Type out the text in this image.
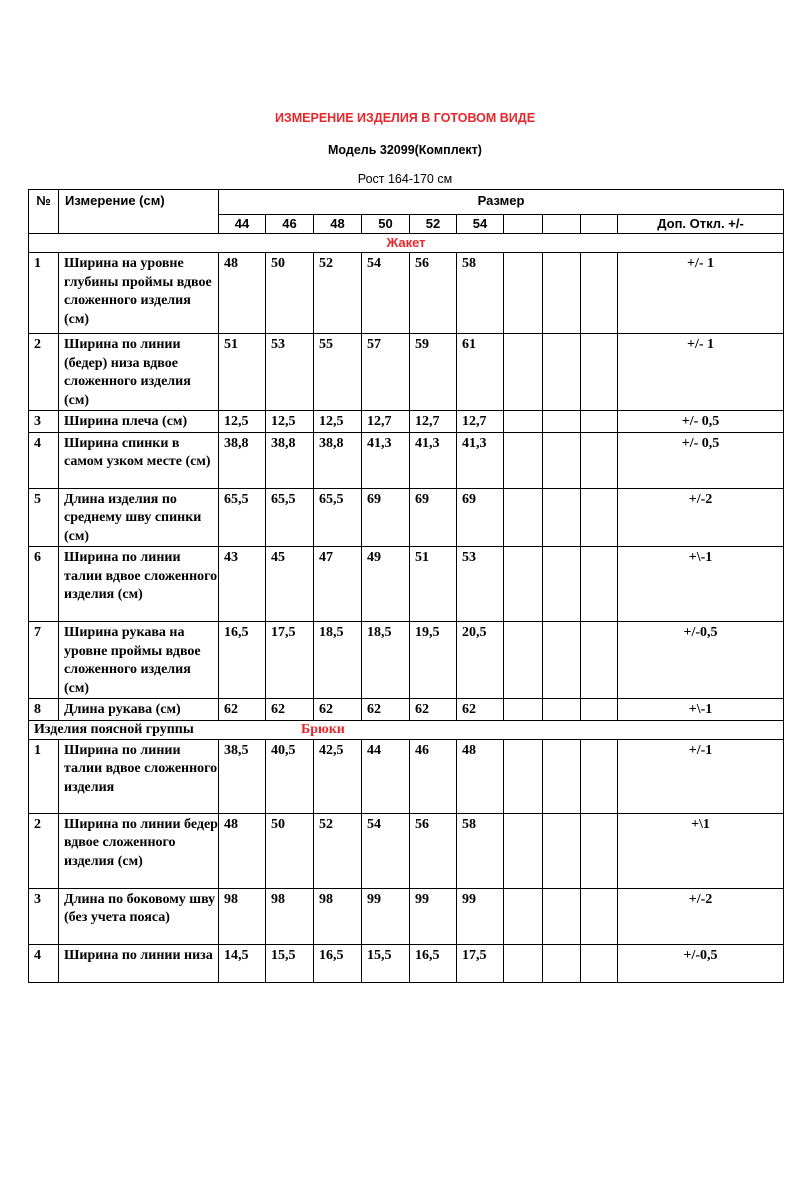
ИЗМЕРЕНИЕ ИЗДЕЛИЯ В ГОТОВОМ ВИДЕ
Модель 32099(Комплект)
Рост 164-170 см
№	Измерение (см)	Размер									
		44	46	48	50	52	54				Доп. Откл. +/-
Жакет											
1	Ширина на уровне глубины проймы вдвое сложенного изделия (см)	48	50	52	54	56	58				+/- 1
2	Ширина по линии (бедер) низа вдвое сложенного изделия (см)	51	53	55	57	59	61				+/- 1
3	Ширина плеча (см)	12,5	12,5	12,5	12,7	12,7	12,7				+/- 0,5
4	Ширина спинки в самом узком месте (см)	38,8	38,8	38,8	41,3	41,3	41,3				+/- 0,5
5	Длина изделия по среднему шву спинки (см)	65,5	65,5	65,5	69	69	69				+/-2
6	Ширина по линии талии вдвое сложенного изделия (см)	43	45	47	49	51	53				+\-1
7	Ширина рукава на уровне проймы вдвое сложенного изделия (см)	16,5	17,5	18,5	18,5	19,5	20,5				+/-0,5
8	Длина рукава (см)	62	62	62	62	62	62				+\-1
Изделия поясной группы Брюки											

1	Ширина по линии талии вдвое сложенного изделия	38,5	40,5	42,5	44	46	48				+/-1
2	Ширина по линии бедер вдвое сложенного изделия (см)	48	50	52	54	56	58				+\1
3	Длина по боковому шву (без учета пояса)	98	98	98	99	99	99				+/-2
4	Ширина по линии низа	14,5	15,5	16,5	15,5	16,5	17,5				+/-0,5
